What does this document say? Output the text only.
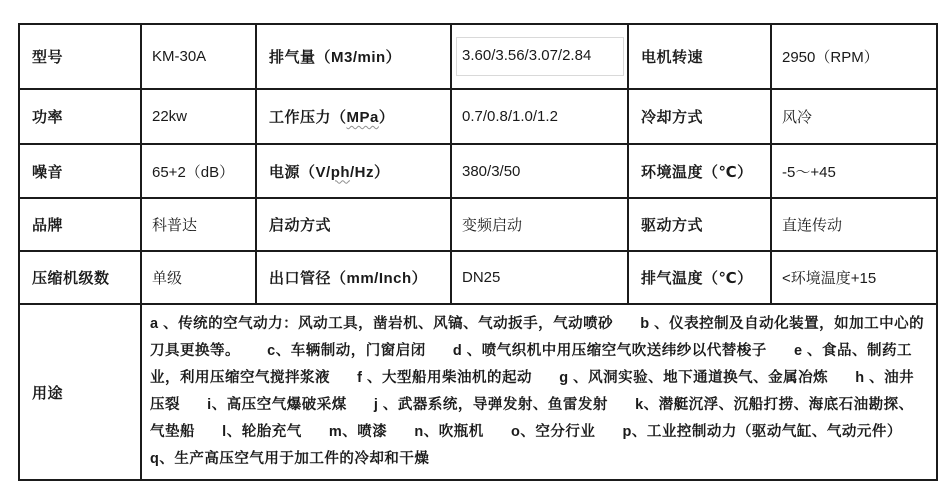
型号	KM-30A	排气量（M3/min）	3.60/3.56/3.07/2.84	电机转速	2950（RPM）
功率	22kw	工作压力（MPa）	0.7/0.8/1.0/1.2	冷却方式	风冷
噪音	65+2（dB）	电源（V/ph/Hz）	380/3/50	环境温度（℃）	-5～+45
品牌	科普达	启动方式	变频启动	驱动方式	直连传动
压缩机级数	单级	出口管径（mm/Inch）	DN25	排气温度（℃）	<环境温度+15
用途	a 、传统的空气动力：风动工具，凿岩机、风镐、气动扳手，气动喷砂      b 、仪表控制及自动化装置，如加工中心的刀具更换等。      c、车辆制动，门窗启闭      d 、喷气织机中用压缩空气吹送纬纱以代替梭子      e 、食品、制药工业，利用压缩空气搅拌浆液      f 、大型船用柴油机的起动      g 、风洞实验、地下通道换气、金属冶炼      h 、油井压裂      i、高压空气爆破采煤      j 、武器系统，导弹发射、鱼雷发射      k、潜艇沉浮、沉船打捞、海底石油勘探、气垫船      l、轮胎充气      m、喷漆      n、吹瓶机      o、空分行业      p、工业控制动力（驱动气缸、气动元件）      q、生产高压空气用于加工件的冷却和干燥				
